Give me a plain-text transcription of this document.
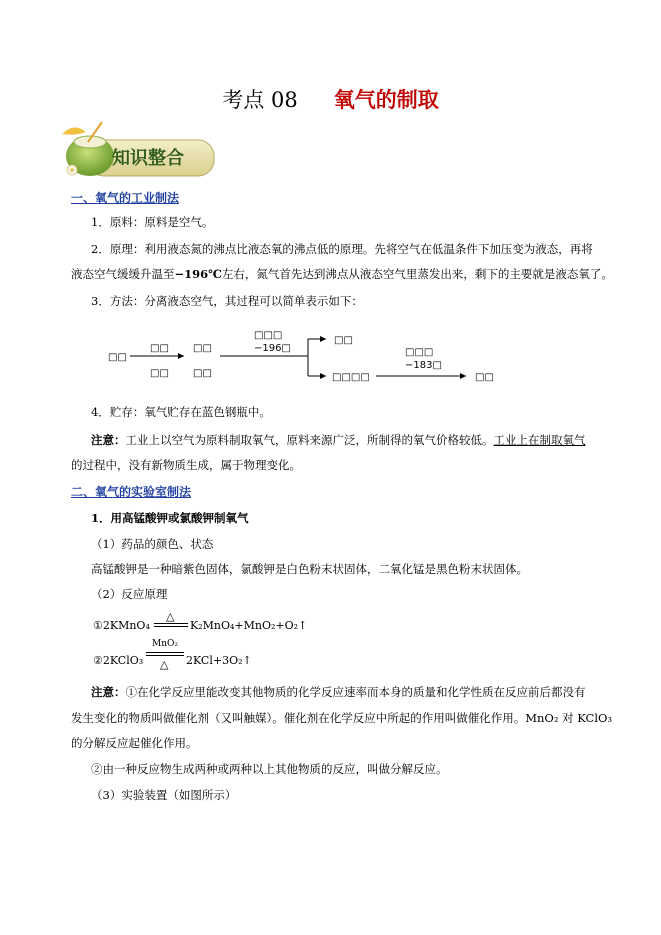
考点 08 氧气的制取
知识整合
一、氧气的工业制法
1．原料：原料是空气。
2．原理：利用液态氮的沸点比液态氧的沸点低的原理。先将空气在低温条件下加压变为液态，再将
液态空气缓缓升温至−196℃左右，氮气首先达到沸点从液态空气里蒸发出来，剩下的主要就是液态氧了。
3．方法：分离液态空气，其过程可以简单表示如下：
□□
□□
□□
□□
□□
□□□
−196□
□□
□□□□
□□□
−183□
□□
4．贮存：氧气贮存在蓝色钢瓶中。
注意：工业上以空气为原料制取氧气，原料来源广泛，所制得的氧气价格较低。工业上在制取氧气
的过程中，没有新物质生成，属于物理变化。
二、氧气的实验室制法
1．用高锰酸钾或氯酸钾制氧气
（1）药品的颜色、状态
高锰酸钾是一种暗紫色固体，氯酸钾是白色粉末状固体，二氧化锰是黑色粉末状固体。
（2）反应原理
①2KMnO₄
△
K₂MnO₄+MnO₂+O₂↑
②2KClO₃
MnO₂
△ 2KCl+3O₂↑
注意：①在化学反应里能改变其他物质的化学反应速率而本身的质量和化学性质在反应前后都没有
发生变化的物质叫做催化剂（又叫触媒）。催化剂在化学反应中所起的作用叫做催化作用。MnO₂ 对 KClO₃
的分解反应起催化作用。
②由一种反应物生成两种或两种以上其他物质的反应，叫做分解反应。
（3）实验装置（如图所示）
